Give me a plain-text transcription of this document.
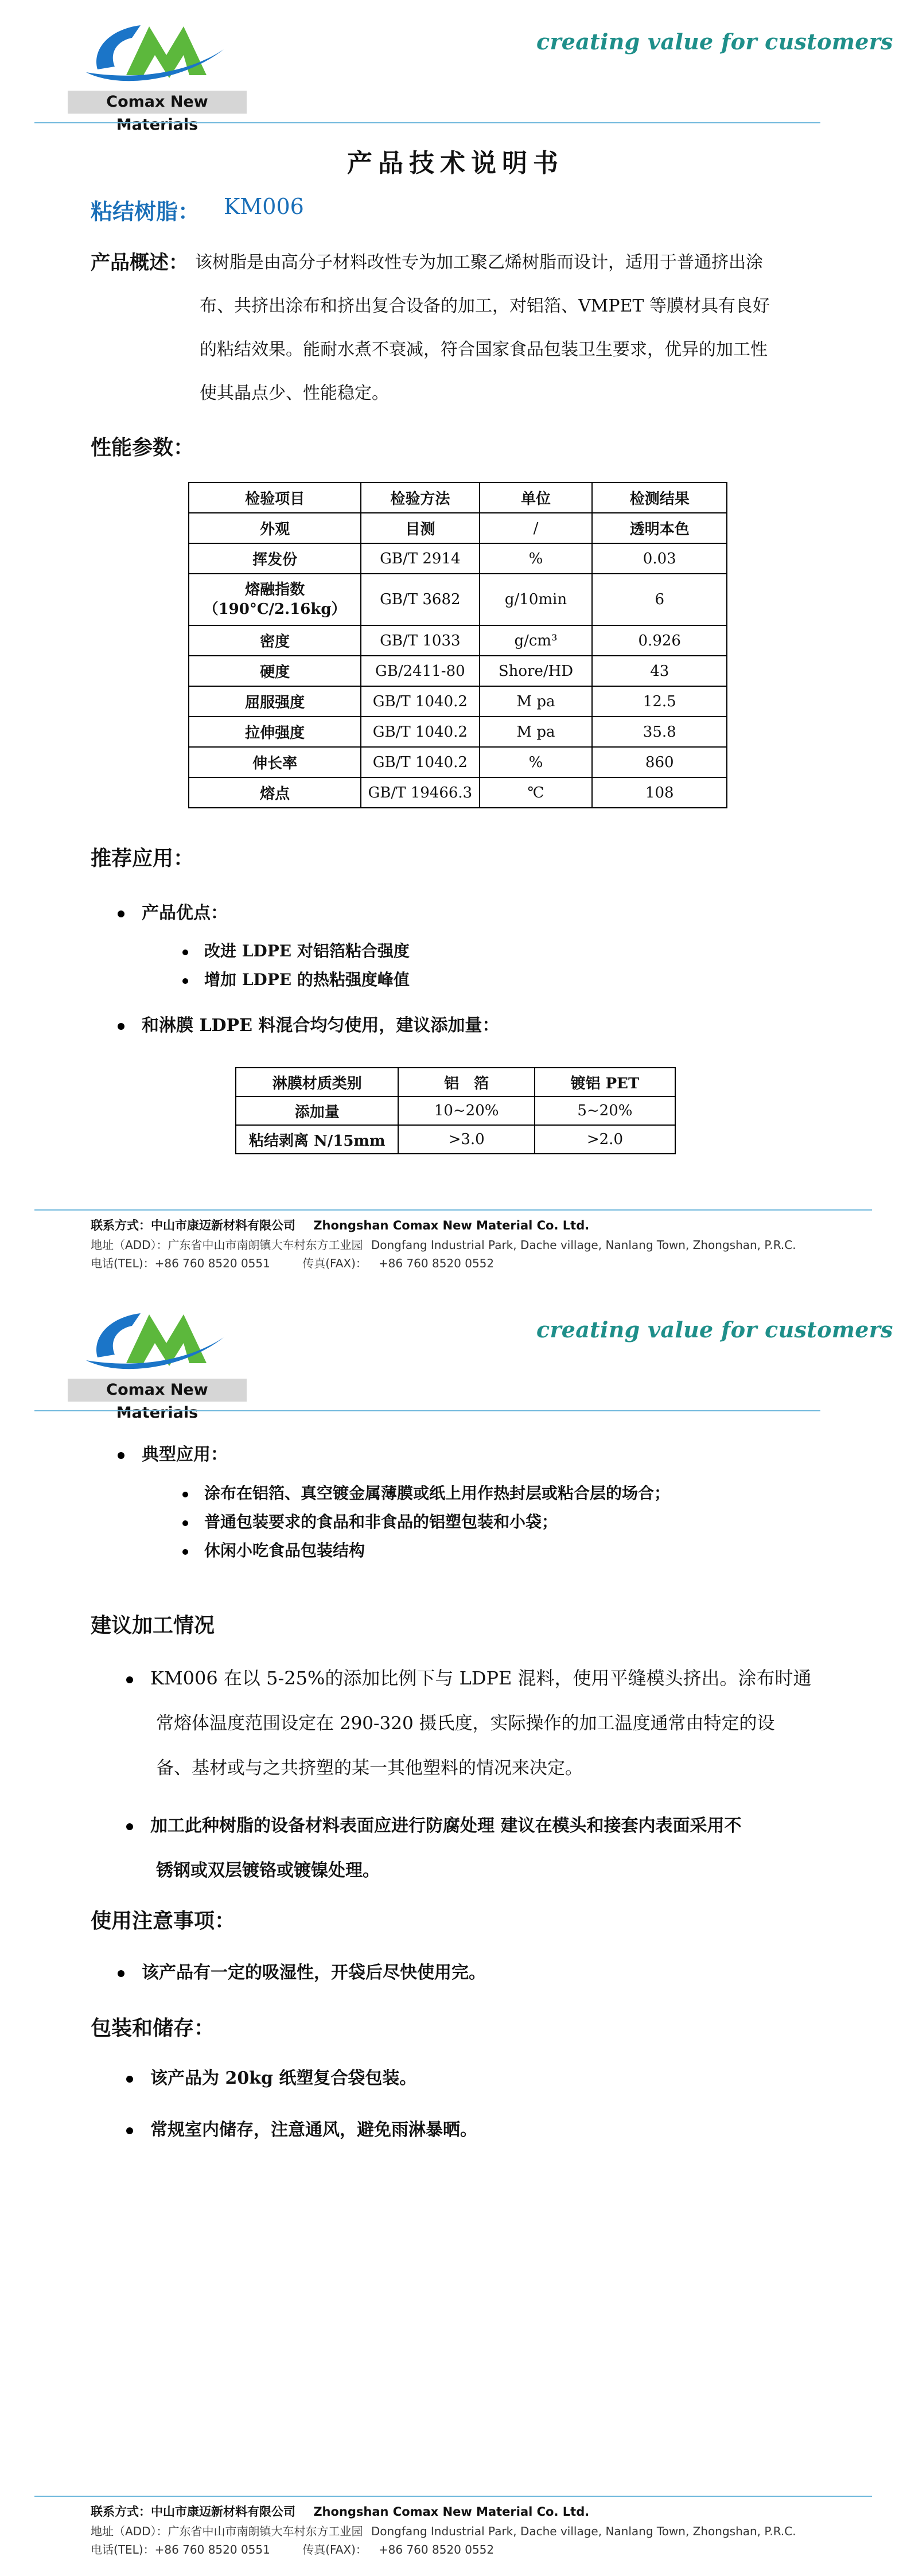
Comax New Materials
creating value for customers
产品技术说明书
粘结树脂： KM006
产品概述： 该树脂是由高分子材料改性专为加工聚乙烯树脂而设计，适用于普通挤出涂
布、共挤出涂布和挤出复合设备的加工，对铝箔、VMPET 等膜材具有良好
的粘结效果。能耐水煮不衰减，符合国家食品包装卫生要求，优异的加工性
使其晶点少、性能稳定。
性能参数：
检验项目	检验方法	单位	检测结果
外观	目测	/	透明本色
挥发份	GB/T 2914	%	0.03
熔融指数（190°C/2.16kg）	GB/T 3682	g/10min	6
密度	GB/T 1033	g/cm³	0.926
硬度	GB/2411-80	Shore/HD	43
屈服强度	GB/T 1040.2	M pa	12.5
拉伸强度	GB/T 1040.2	M pa	35.8
伸长率	GB/T 1040.2	%	860
熔点	GB/T 19466.3	℃	108
推荐应用：
产品优点：
改进 LDPE 对铝箔粘合强度
增加 LDPE 的热粘强度峰值
和淋膜 LDPE 料混合均匀使用，建议添加量：
淋膜材质类别	铝　箔	镀铝 PET
添加量	10~20%	5~20%
粘结剥离 N/15mm	>3.0	>2.0
联系方式：中山市康迈新材料有限公司 Zhongshan Comax New Material Co. Ltd.
地址（ADD）：广东省中山市南朗镇大车村东方工业园 Dongfang Industrial Park, Dache village, Nanlang Town, Zhongshan, P.R.C.
电话(TEL)：+86 760 8520 0551	传真(FAX)： +86 760 8520 0552
Comax New Materials
creating value for customers
典型应用：
涂布在铝箔、真空镀金属薄膜或纸上用作热封层或粘合层的场合；
普通包装要求的食品和非食品的铝塑包装和小袋；
休闲小吃食品包装结构
建议加工情况
KM006 在以 5-25%的添加比例下与 LDPE 混料，使用平缝模头挤出。涂布时通
常熔体温度范围设定在 290-320 摄氏度，实际操作的加工温度通常由特定的设
备、基材或与之共挤塑的某一其他塑料的情况来决定。
加工此种树脂的设备材料表面应进行防腐处理 建议在模头和接套内表面采用不
锈钢或双层镀铬或镀镍处理。
使用注意事项：
该产品有一定的吸湿性，开袋后尽快使用完。
包装和储存：
该产品为 20kg 纸塑复合袋包装。
常规室内储存，注意通风，避免雨淋暴晒。
联系方式：中山市康迈新材料有限公司 Zhongshan Comax New Material Co. Ltd.
地址（ADD）：广东省中山市南朗镇大车村东方工业园 Dongfang Industrial Park, Dache village, Nanlang Town, Zhongshan, P.R.C.
电话(TEL)：+86 760 8520 0551	传真(FAX)： +86 760 8520 0552
